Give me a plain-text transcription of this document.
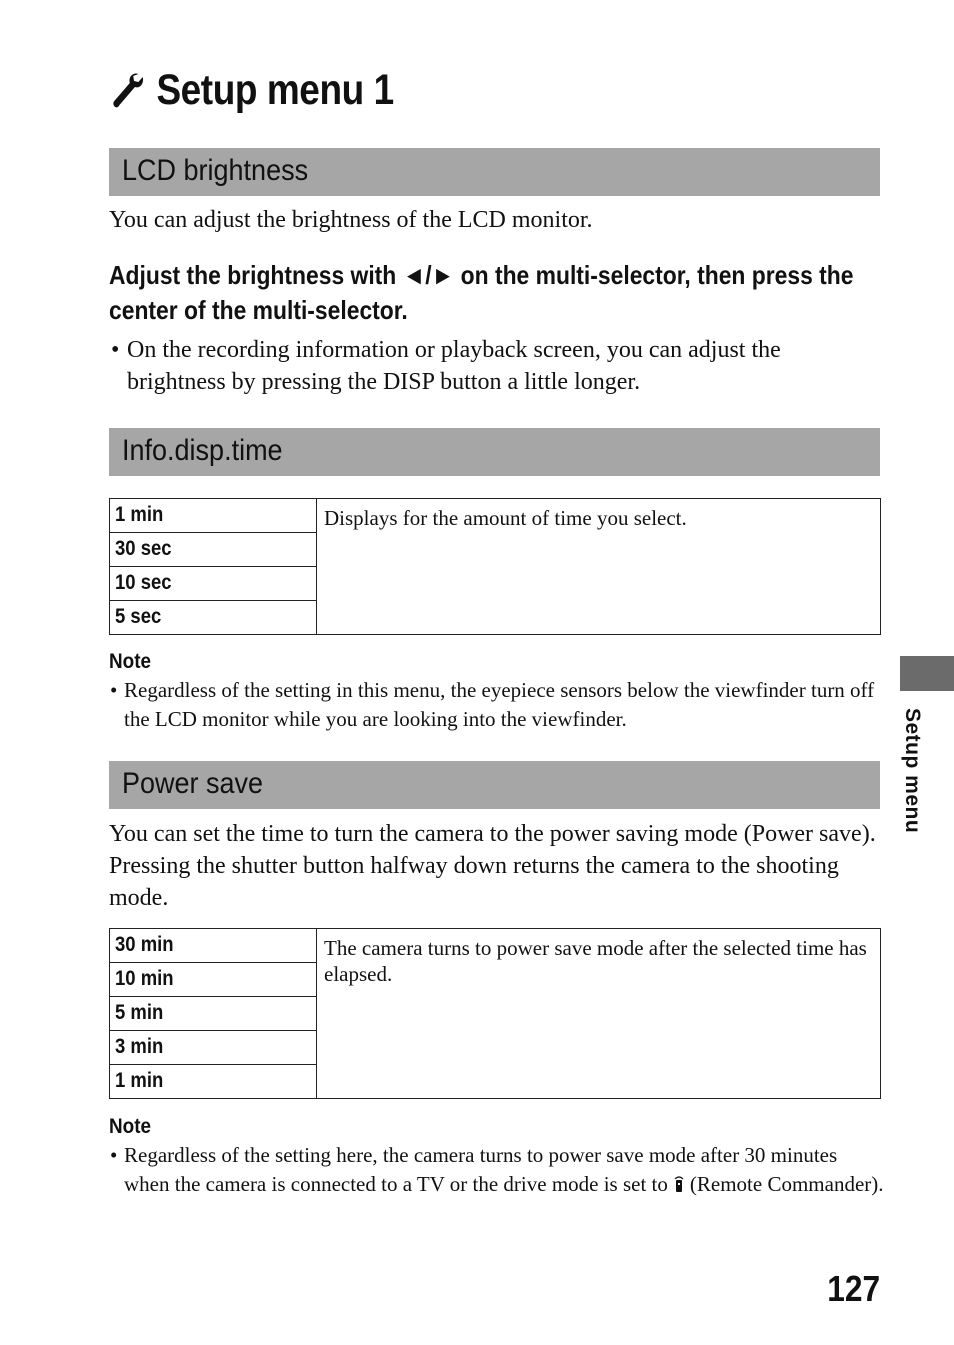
Setup menu 1
LCD brightness
You can adjust the brightness of the LCD monitor.
Adjust the brightness with ◄/► on the multi-selector, then press the center of the multi-selector.
• On the recording information or playback screen, you can adjust the brightness by pressing the DISP button a little longer.
Info.disp.time
1 min	Displays for the amount of time you select.
30 sec
10 sec
5 sec
Note
• Regardless of the setting in this menu, the eyepiece sensors below the viewfinder turn off the LCD monitor while you are looking into the viewfinder.
Power save
You can set the time to turn the camera to the power saving mode (Power save). Pressing the shutter button halfway down returns the camera to the shooting mode.
30 min	The camera turns to power save mode after the selected time has elapsed.
10 min
5 min
3 min
1 min
Note
• Regardless of the setting here, the camera turns to power save mode after 30 minutes when the camera is connected to a TV or the drive mode is set to (Remote Commander).
Setup menu
127
